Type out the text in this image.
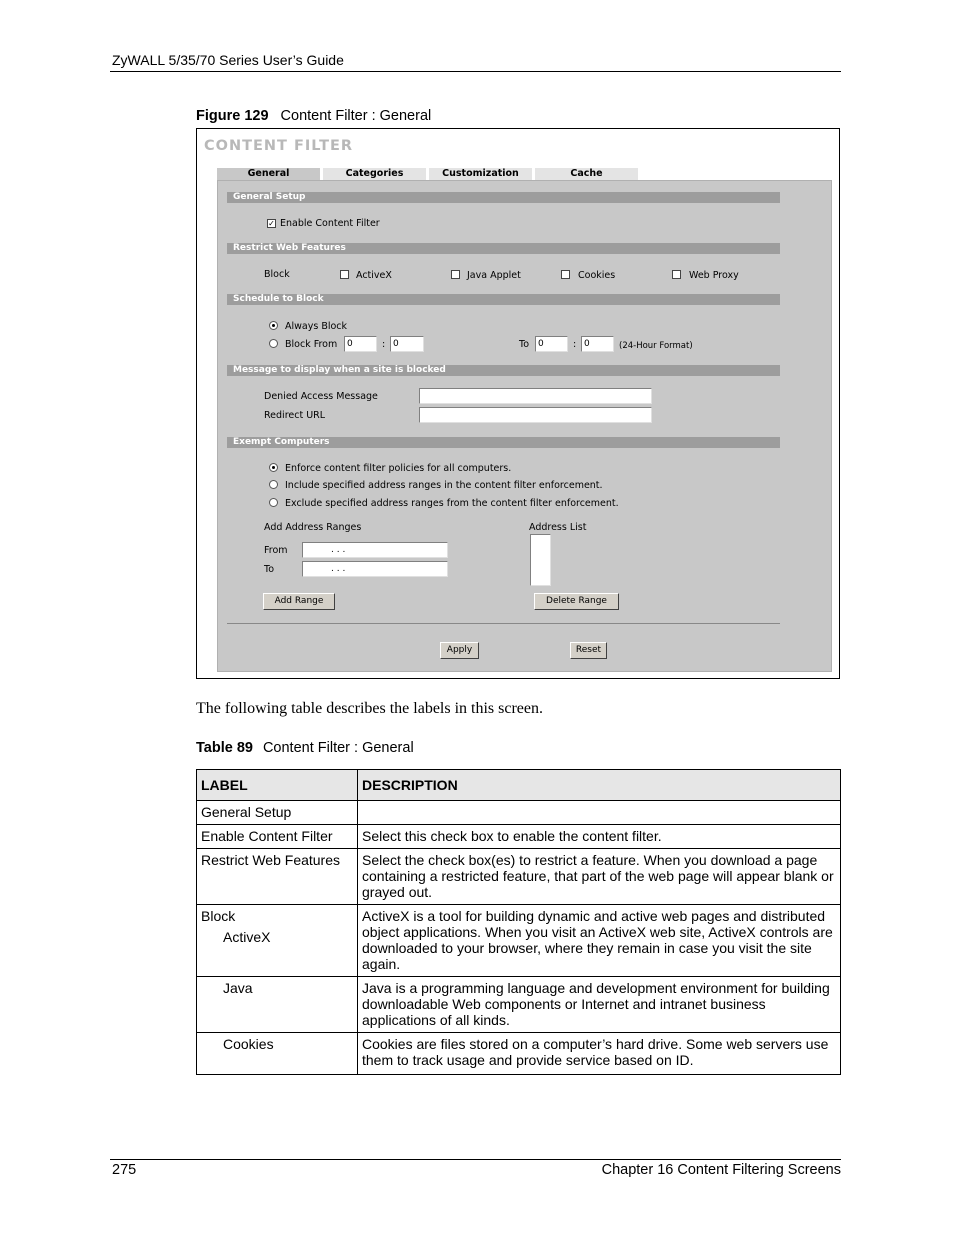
ZyWALL 5/35/70 Series User’s Guide
Figure 129 Content Filter : General
CONTENT FILTER
General	Categories	Customization	Cache
General Setup
✓ Enable Content Filter
Restrict Web Features
Block	ActiveX	Java Applet	Cookies	Web Proxy
Schedule to Block
Always Block
Block From	0	: 0	To 0	: 0	(24-Hour Format)
Message to display when a site is blocked
Denied Access Message
Redirect URL
Exempt Computers
Enforce content filter policies for all computers.
Include specified address ranges in the content filter enforcement.
Exclude specified address ranges from the content filter enforcement.
Add Address Ranges	Address List
From	. . .
To	. . .
Add Range	Delete Range
Apply	Reset
The following table describes the labels in this screen.
Table 89 Content Filter : General
LABEL	DESCRIPTION
General Setup	
Enable Content Filter	Select this check box to enable the content filter.
Restrict Web Features	Select the check box(es) to restrict a feature. When you download a page containing a restricted feature, that part of the web page will appear blank or grayed out.
Block
ActiveX	ActiveX is a tool for building dynamic and active web pages and distributed object applications. When you visit an ActiveX web site, ActiveX controls are downloaded to your browser, where they remain in case you visit the site again.

Java	Java is a programming language and development environment for building downloadable Web components or Internet and intranet business applications of all kinds.

Cookies	Cookies are files stored on a computer’s hard drive. Some web servers use them to track usage and provide service based on ID.
275	Chapter 16 Content Filtering Screens
